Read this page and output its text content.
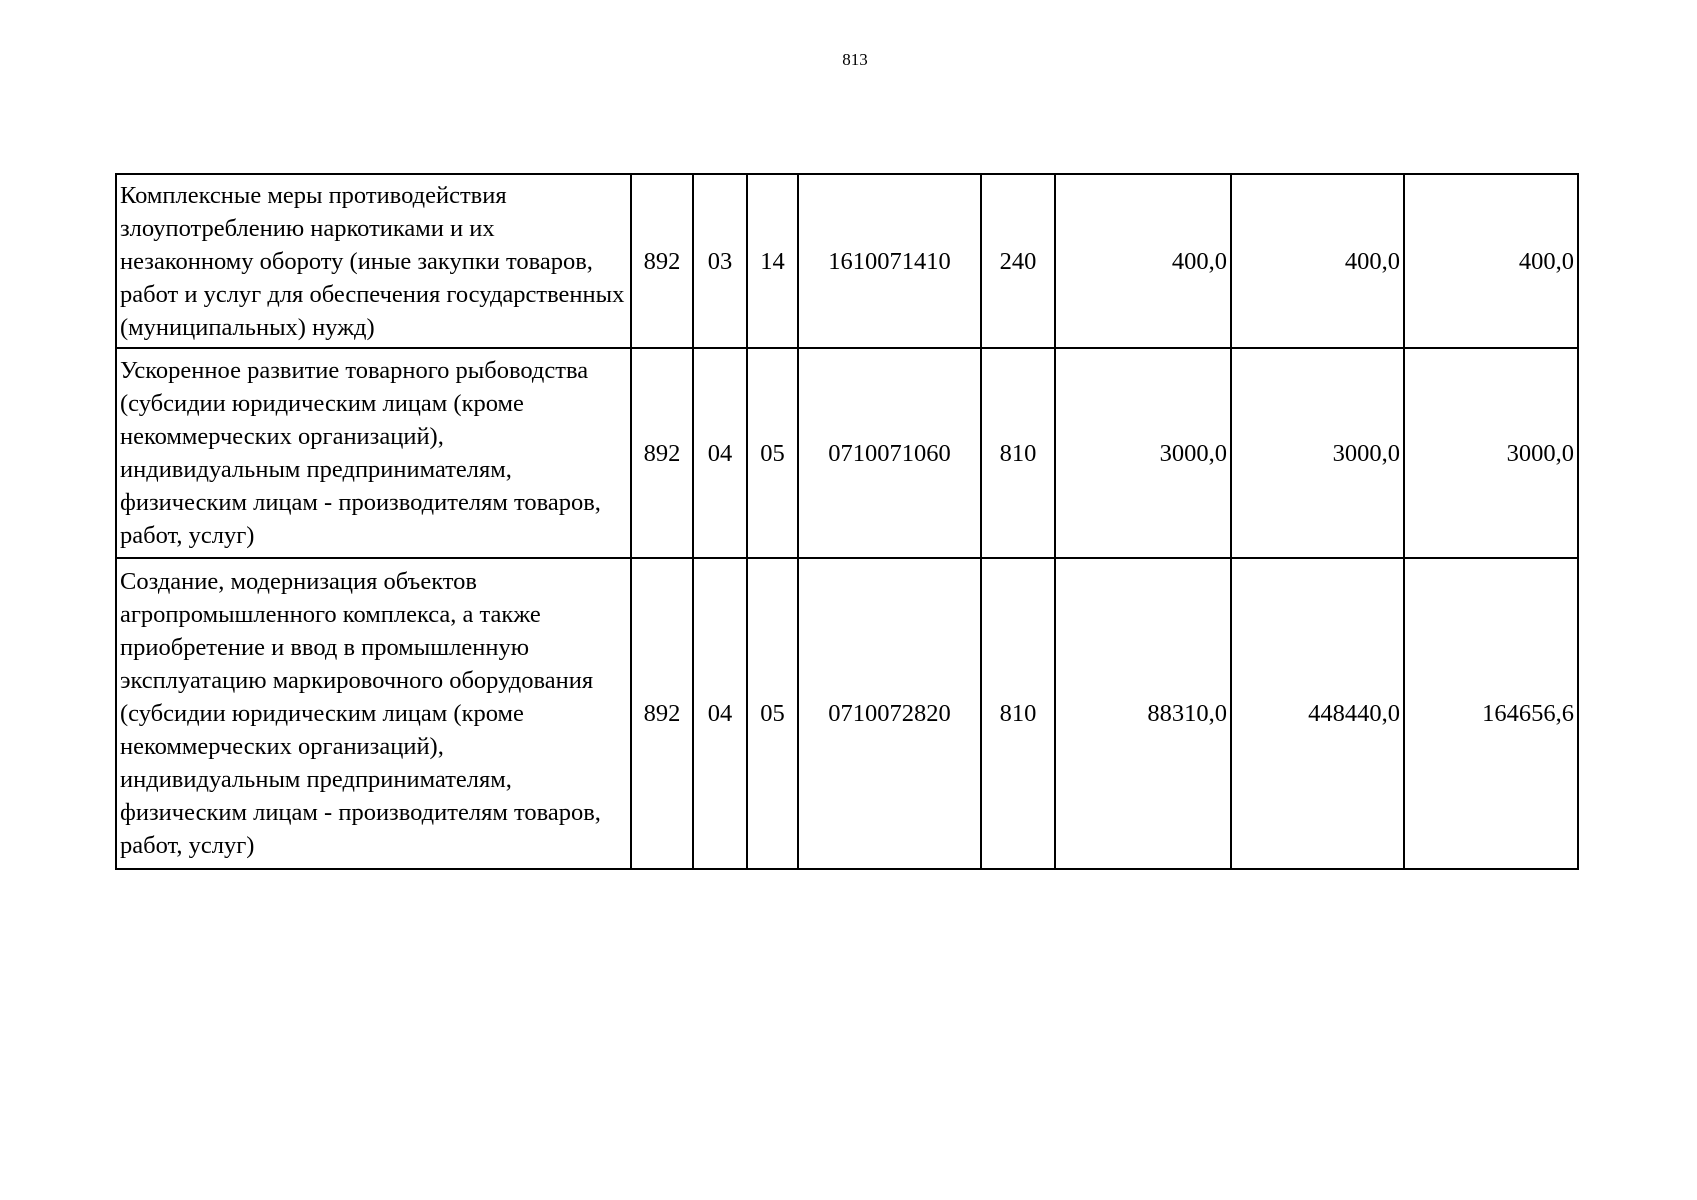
813
Комплексные меры противодействия злоупотреблению наркотиками и их незаконному обороту (иные закупки товаров, работ и услуг для обеспечения государственных (муниципальных) нужд)	892	03	14	1610071410	240	400,0	400,0	400,0
Ускоренное развитие товарного рыбоводства (субсидии юридическим лицам (кроме некоммерческих организаций), индивидуальным предпринимателям, физическим лицам - производителям товаров, работ, услуг)	892	04	05	0710071060	810	3000,0	3000,0	3000,0
Создание, модернизация объектов агропромышленного комплекса, а также приобретение и ввод в промышленную эксплуатацию маркировочного оборудования (субсидии юридическим лицам (кроме некоммерческих организаций), индивидуальным предпринимателям, физическим лицам - производителям товаров, работ, услуг)	892	04	05	0710072820	810	88310,0	448440,0	164656,6
